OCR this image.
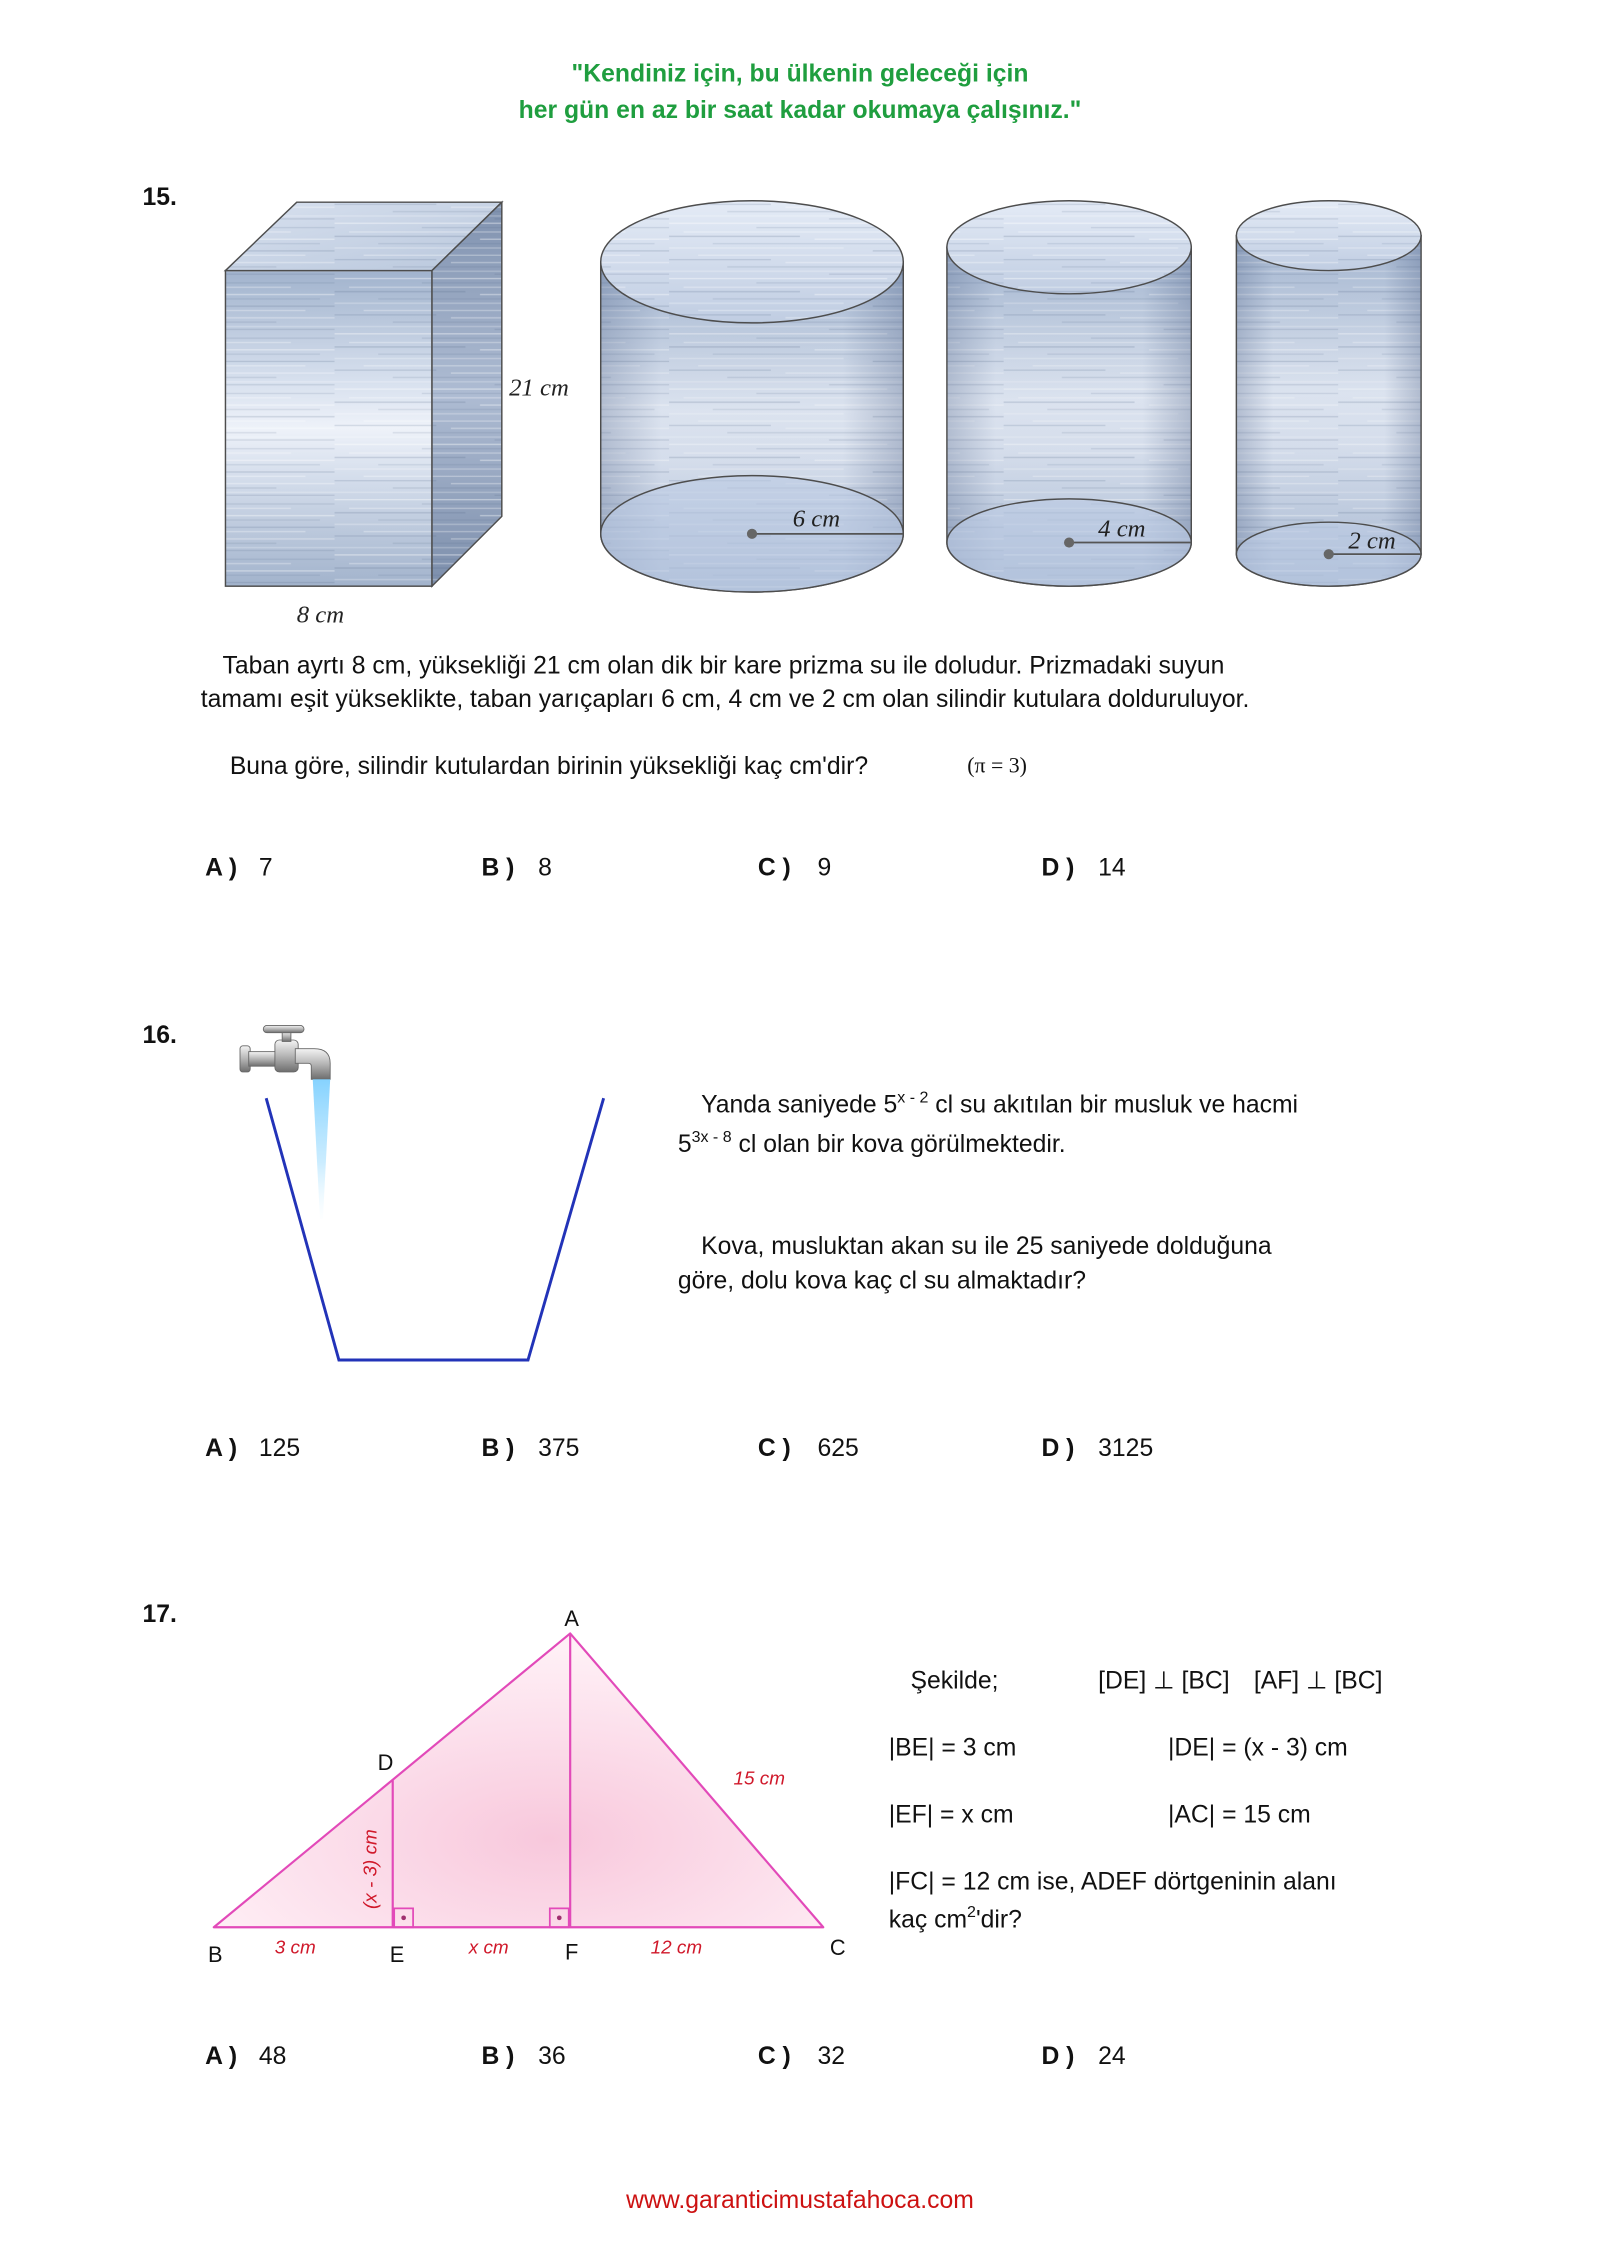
"Kendiniz için, bu ülkenin geleceği için
her gün en az bir saat kadar okumaya çalışınız."
15.
21 cm
8 cm
6 cm	4 cm	2 cm
Taban ayrtı 8 cm, yüksekliği 21 cm olan dik bir kare prizma su ile doludur. Prizmadaki suyun
tamamı eşit yükseklikte, taban yarıçapları 6 cm, 4 cm ve 2 cm olan silindir kutulara dolduruluyor.
Buna göre, silindir kutulardan birinin yüksekliği kaç cm'dir?	(π = 3)
A ) 7	B ) 8	C ) 9	D ) 14
16.
Yanda saniyede 5$^{x - 2}$ cl su akıtılan bir musluk ve hacmi
$5^{3x - 8}$ cl olan bir kova görülmektedir.
Kova, musluktan akan su ile 25 saniyede dolduğuna
göre, dolu kova kaç cl su almaktadır?
A ) 125	B ) 375	C ) 625	D ) 3125
17.	A
D
B	E	F	C
3 cm	x cm	12 cm
15 cm
(x - 3) cm
Şekilde;	[DE] ⊥ [BC] [AF] ⊥ [BC]
|BE| = 3 cm	|DE| = (x - 3) cm
|EF| = x cm	|AC| = 15 cm
|FC| = 12 cm ise, ADEF dörtgeninin alanı
kaç $cm^2'dir$?
A ) 48	B ) 36	C ) 32	D ) 24
www.garanticimustafahoca.com
